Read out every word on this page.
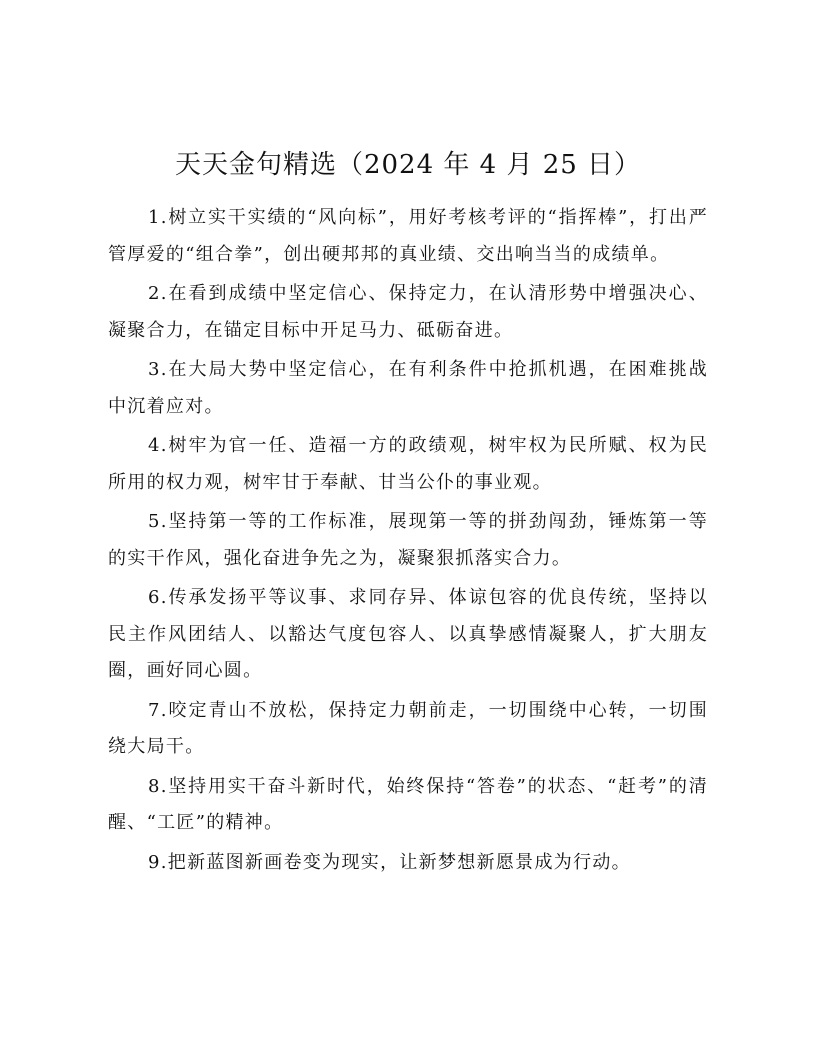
天天金句精选（2024 年 4 月 25 日）

1.树立实干实绩的“风向标”，用好考核考评的“指挥棒”，打出严管厚爱的“组合拳”，创出硬邦邦的真业绩、交出响当当的成绩单。

2.在看到成绩中坚定信心、保持定力，在认清形势中增强决心、凝聚合力，在锚定目标中开足马力、砥砺奋进。

3.在大局大势中坚定信心，在有利条件中抢抓机遇，在困难挑战中沉着应对。

4.树牢为官一任、造福一方的政绩观，树牢权为民所赋、权为民所用的权力观，树牢甘于奉献、甘当公仆的事业观。

5.坚持第一等的工作标准，展现第一等的拼劲闯劲，锤炼第一等的实干作风，强化奋进争先之为，凝聚狠抓落实合力。

6.传承发扬平等议事、求同存异、体谅包容的优良传统，坚持以民主作风团结人、以豁达气度包容人、以真挚感情凝聚人，扩大朋友圈，画好同心圆。

7.咬定青山不放松，保持定力朝前走，一切围绕中心转，一切围绕大局干。

8.坚持用实干奋斗新时代，始终保持“答卷”的状态、“赶考”的清醒、“工匠”的精神。

9.把新蓝图新画卷变为现实，让新梦想新愿景成为行动。
